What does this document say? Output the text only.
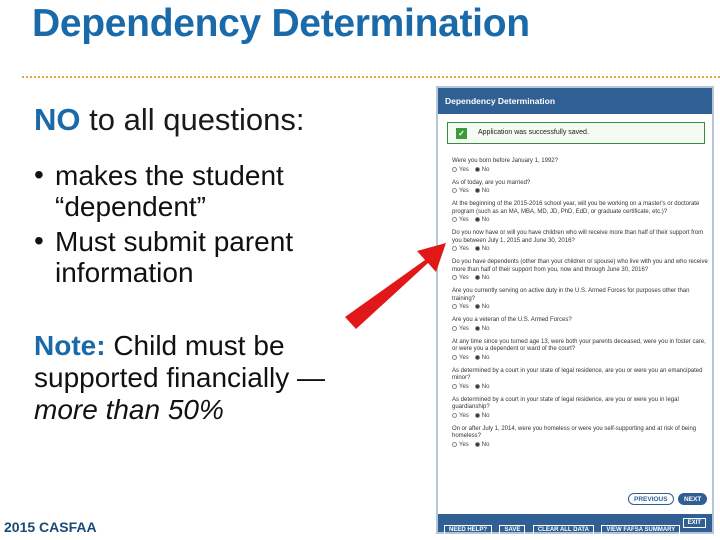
Dependency Determination
NO to all questions:
• makes the student “dependent”
• Must submit parent information
Note: Child must be supported financially — more than 50%
2015 CASFAA
Dependency Determination
✓	Application was successfully saved.
Were you born before January 1, 1992?
Yes No
As of today, are you married?
Yes No
At the beginning of the 2015-2016 school year, will you be working on a master's or doctorate program (such as an MA, MBA, MD, JD, PhD, EdD, or graduate certificate, etc.)?
Yes No
Do you now have or will you have children who will receive more than half of their support from you between July 1, 2015 and June 30, 2016?
Yes No
Do you have dependents (other than your children or spouse) who live with you and who receive more than half of their support from you, now and through June 30, 2016?
Yes No
Are you currently serving on active duty in the U.S. Armed Forces for purposes other than training?
Yes No
Are you a veteran of the U.S. Armed Forces?
Yes No
At any time since you turned age 13, were both your parents deceased, were you in foster care, or were you a dependent or ward of the court?
Yes No
As determined by a court in your state of legal residence, are you or were you an emancipated minor?
Yes No
As determined by a court in your state of legal residence, are you or were you in legal guardianship?
Yes No
On or after July 1, 2014, were you homeless or were you self-supporting and at risk of being homeless?
Yes No
PREVIOUS	NEXT
NEED HELP?	SAVE	CLEAR ALL DATA	VIEW FAFSA SUMMARY
EXIT
